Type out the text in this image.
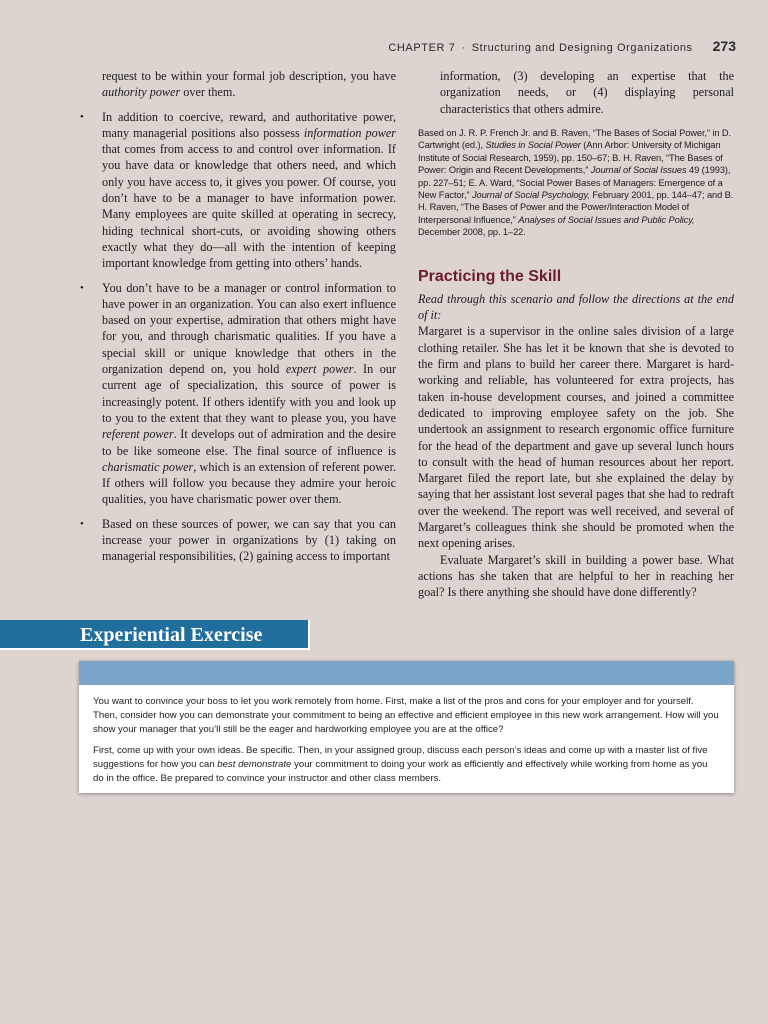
CHAPTER 7 · Structuring and Designing Organizations 273

request to be within your formal job description, you have authority power over them.

• In addition to coercive, reward, and authoritative power, many managerial positions also possess information power that comes from access to and control over information. If you have data or knowledge that others need, and which only you have access to, it gives you power. Of course, you don’t have to be a manager to have information power. Many employees are quite skilled at operating in secrecy, hiding technical short-cuts, or avoiding showing others exactly what they do—all with the intention of keeping important knowledge from getting into others’ hands.
• You don’t have to be a manager or control information to have power in an organization. You can also exert influence based on your expertise, admiration that others might have for you, and through charismatic qualities. If you have a special skill or unique knowledge that others in the organization depend on, you hold expert power. In our current age of specialization, this source of power is increasingly potent. If others identify with you and look up to you to the extent that they want to please you, you have referent power. It develops out of admiration and the desire to be like someone else. The final source of influence is charismatic power, which is an extension of referent power. If others will follow you because they admire your heroic qualities, you have charismatic power over them.
• Based on these sources of power, we can say that you can increase your power in organizations by (1) taking on managerial responsibilities, (2) gaining access to important

information, (3) developing an expertise that the organization needs, or (4) displaying personal characteristics that others admire.

Based on J. R. P. French Jr. and B. Raven, “The Bases of Social Power,” in D. Cartwright (ed.), Studies in Social Power (Ann Arbor: University of Michigan Institute of Social Research, 1959), pp. 150–67; B. H. Raven, “The Bases of Power: Origin and Recent Developments,” Journal of Social Issues 49 (1993), pp. 227–51; E. A. Ward, “Social Power Bases of Managers: Emergence of a New Factor,” Journal of Social Psychology, February 2001, pp. 144–47; and B. H. Raven, “The Bases of Power and the Power/Interaction Model of Interpersonal Influence,” Analyses of Social Issues and Public Policy, December 2008, pp. 1–22.

Practicing the Skill

Read through this scenario and follow the directions at the end of it:

Margaret is a supervisor in the online sales division of a large clothing retailer. She has let it be known that she is devoted to the firm and plans to build her career there. Margaret is hard-working and reliable, has volunteered for extra projects, has taken in-house development courses, and joined a committee dedicated to improving employee safety on the job. She undertook an assignment to research ergonomic office furniture for the head of the department and gave up several lunch hours to consult with the head of human resources about her report. Margaret filed the report late, but she explained the delay by saying that her assistant lost several pages that she had to redraft over the weekend. The report was well received, and several of Margaret’s colleagues think she should be promoted when the next opening arises.

Evaluate Margaret’s skill in building a power base. What actions has she taken that are helpful to her in reaching her goal? Is there anything she should have done differently?

Experiential Exercise

You want to convince your boss to let you work remotely from home. First, make a list of the pros and cons for your employer and for yourself. Then, consider how you can demonstrate your commitment to being an effective and efficient employee in this new work arrangement. How will you show your manager that you’ll still be the eager and hardworking employee you are at the office?

First, come up with your own ideas. Be specific. Then, in your assigned group, discuss each person’s ideas and come up with a master list of five suggestions for how you can best demonstrate your commitment to doing your work as efficiently and effectively while working from home as you do in the office. Be prepared to convince your instructor and other class members.
